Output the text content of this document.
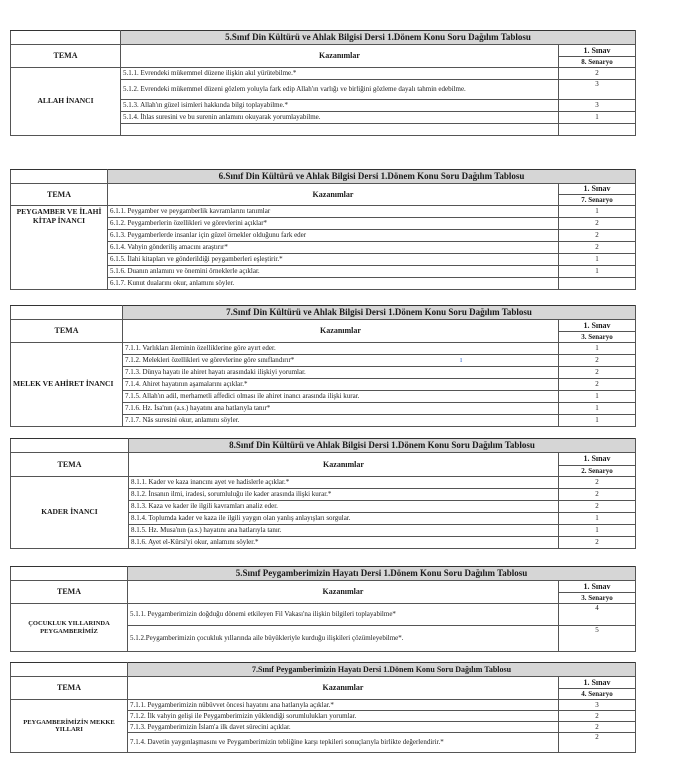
	5.Sınıf Din Kültürü ve Ahlak Bilgisi Dersi 1.Dönem Konu Soru Dağılım Tablosu	
TEMA	Kazanımlar	1. Sınav
		8. Senaryo
ALLAH İNANCI	5.1.1. Evrendeki mükemmel düzene ilişkin akıl yürütebilme.*	2
	5.1.2. Evrendeki mükemmel düzeni gözlem yoluyla fark edip Allah'ın varlığı ve birliğini gözleme dayalı tahmin edebilme.	3
	5.1.3. Allah'ın güzel isimleri hakkında bilgi toplayabilme.*	3
	5.1.4. İhlas suresini ve bu surenin anlamını okuyarak yorumlayabilme.	1

	6.Sınıf Din Kültürü ve Ahlak Bilgisi Dersi 1.Dönem Konu Soru Dağılım Tablosu	
TEMA	Kazanımlar	1. Sınav
		7. Senaryo
PEYGAMBER VE İLAHİ KİTAP İNANCI	6.1.1. Peygamber ve peygamberlik kavramlarını tanımlar	1
	6.1.2. Peygamberlerin özellikleri ve görevlerini açıklar*	2
	6.1.3. Peygamberlerde insanlar için güzel örnekler olduğunu fark eder	2
	6.1.4. Vahyin gönderiliş amacını araştırır*	2
	6.1.5. İlahi kitapları ve gönderildiği peygamberleri eşleştirir.*	1
	5.1.6. Duanın anlamını ve önemini örneklerle açıklar.	1
	6.1.7. Kunut dualarını okur, anlamını söyler.	
	7.Sınıf Din Kültürü ve Ahlak Bilgisi Dersi 1.Dönem Konu Soru Dağılım Tablosu	
TEMA	Kazanımlar	1. Sınav
		3. Senaryo
MELEK VE AHİRET İNANCI	7.1.1. Varlıkları âleminin özelliklerine göre ayırt eder.	1
	7.1.2. Melekleri özellikleri ve görevlerine göre sınıflandırır*	2
	7.1.3. Dünya hayatı ile ahiret hayatı arasındaki ilişkiyi yorumlar.	2
	7.1.4. Ahiret hayatının aşamalarını açıklar.*	2
	7.1.5. Allah'ın adil, merhametli affedici olması ile ahiret inancı arasında ilişki kurar.	1
	7.1.6. Hz. İsa'nın (a.s.) hayatını ana hatlarıyla tanır*	1
	7.1.7. Nâs suresini okur, anlamını söyler.	1
	8.Sınıf Din Kültürü ve Ahlak Bilgisi Dersi 1.Dönem Konu Soru Dağılım Tablosu	
TEMA	Kazanımlar	1. Sınav
		2. Senaryo
KADER İNANCI	8.1.1. Kader ve kaza inancını ayet ve hadislerle açıklar.*	2
	8.1.2. İnsanın ilmi, iradesi, sorumluluğu ile kader arasında ilişki kurar.*	2
	8.1.3. Kaza ve kader ile ilgili kavramları analiz eder.	2
	8.1.4. Toplumda kader ve kaza ile ilgili yaygın olan yanlış anlayışları sorgular.	1
	8.1.5. Hz. Musa'nın (a.s.) hayatını ana hatlarıyla tanır.	1
	8.1.6. Ayet el-Kürsi'yi okur, anlamını söyler.*	2
	5.Sınıf Peygamberimizin Hayatı Dersi 1.Dönem Konu Soru Dağılım Tablosu	
TEMA	Kazanımlar	1. Sınav
		3. Senaryo
ÇOCUKLUK YILLARINDA PEYGAMBERİMİZ	5.1.1. Peygamberimizin doğduğu dönemi etkileyen Fil Vakası'na ilişkin bilgileri toplayabilme*	4
	5.1.2.Peygamberimizin çocukluk yıllarında aile büyükleriyle kurduğu ilişkileri çözümleyebilme*.	5
	7.Sınıf Peygamberimizin Hayatı Dersi 1.Dönem Konu Soru Dağılım Tablosu	
TEMA	Kazanımlar	1. Sınav
		4. Senaryo
PEYGAMBERİMİZİN MEKKE YILLARI	7.1.1. Peygamberimizin nübüvvet öncesi hayatını ana hatlarıyla açıklar.*	3
	7.1.2. İlk vahyin gelişi ile Peygamberimizin yüklendiği sorumlulukları yorumlar.	2
	7.1.3. Peygamberimizin İslam'a ilk davet sürecini açıklar.	2
	7.1.4. Davetin yaygınlaşmasını ve Peygamberimizin tebliğine karşı tepkileri sonuçlarıyla birlikte değerlendirir.*	2
ı
